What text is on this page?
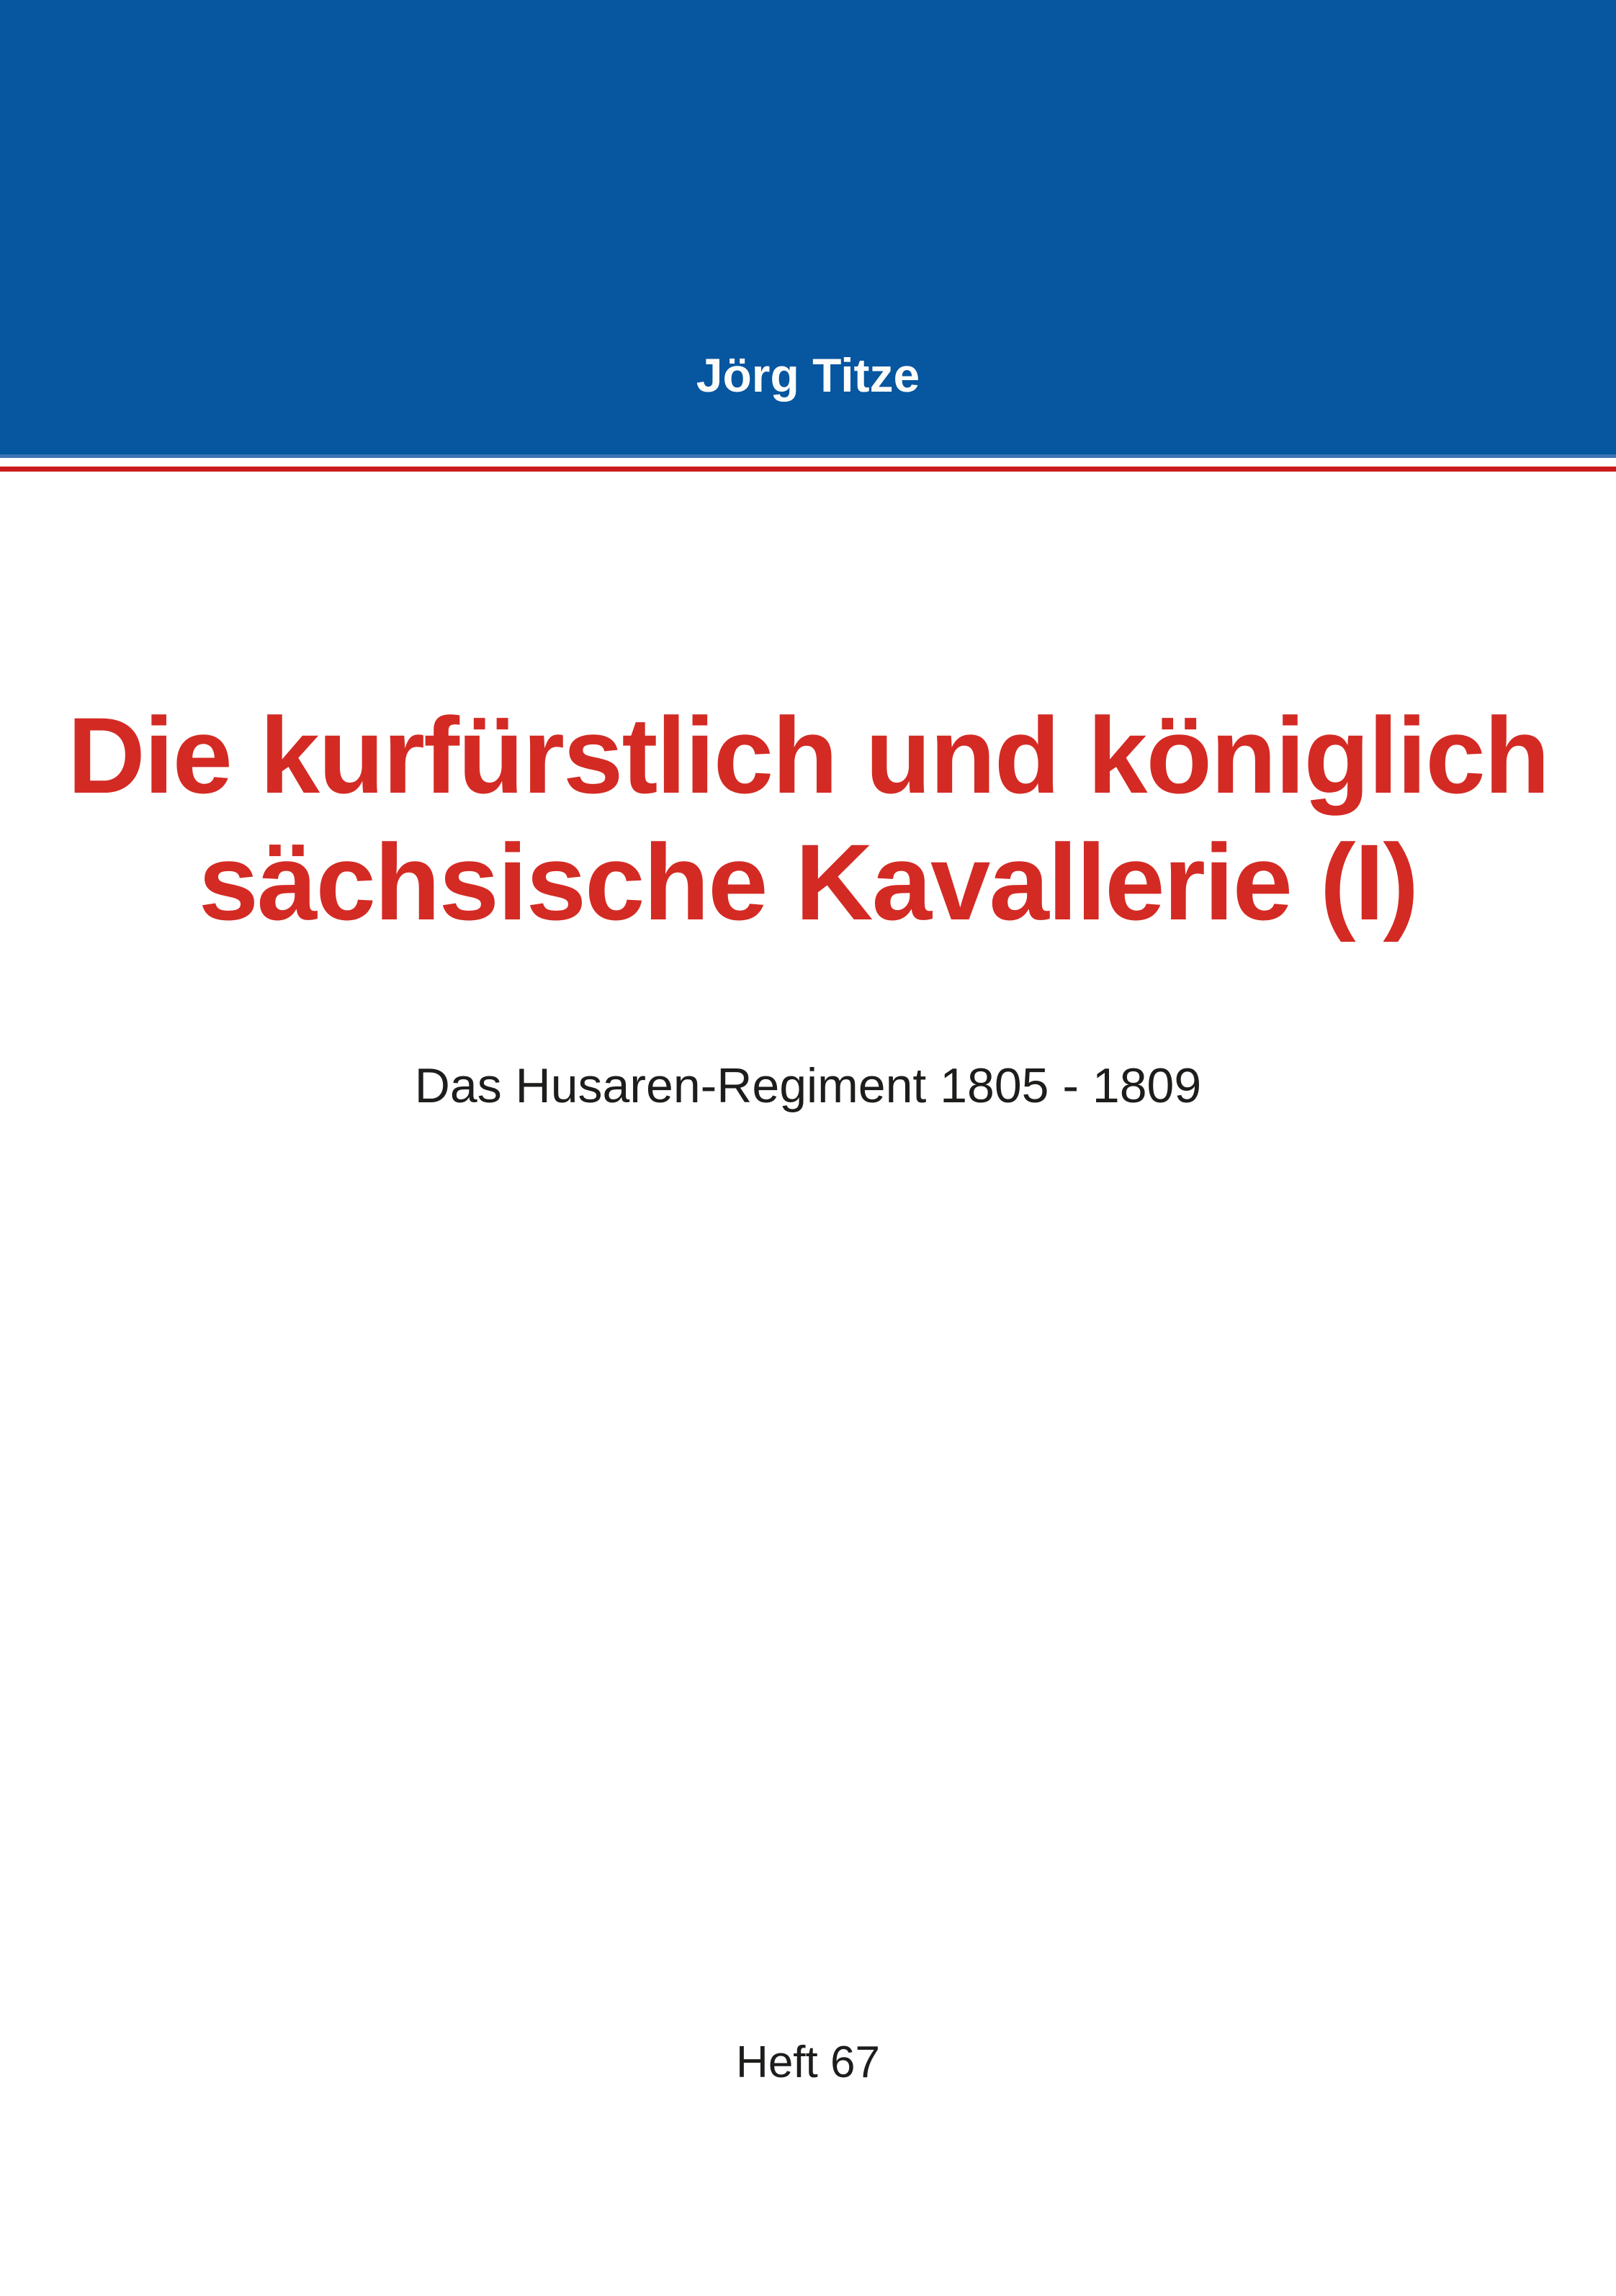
Jörg Titze
Die kurfürstlich und königlich
sächsische Kavallerie (I)
Das Husaren-Regiment 1805 - 1809
Heft 67
